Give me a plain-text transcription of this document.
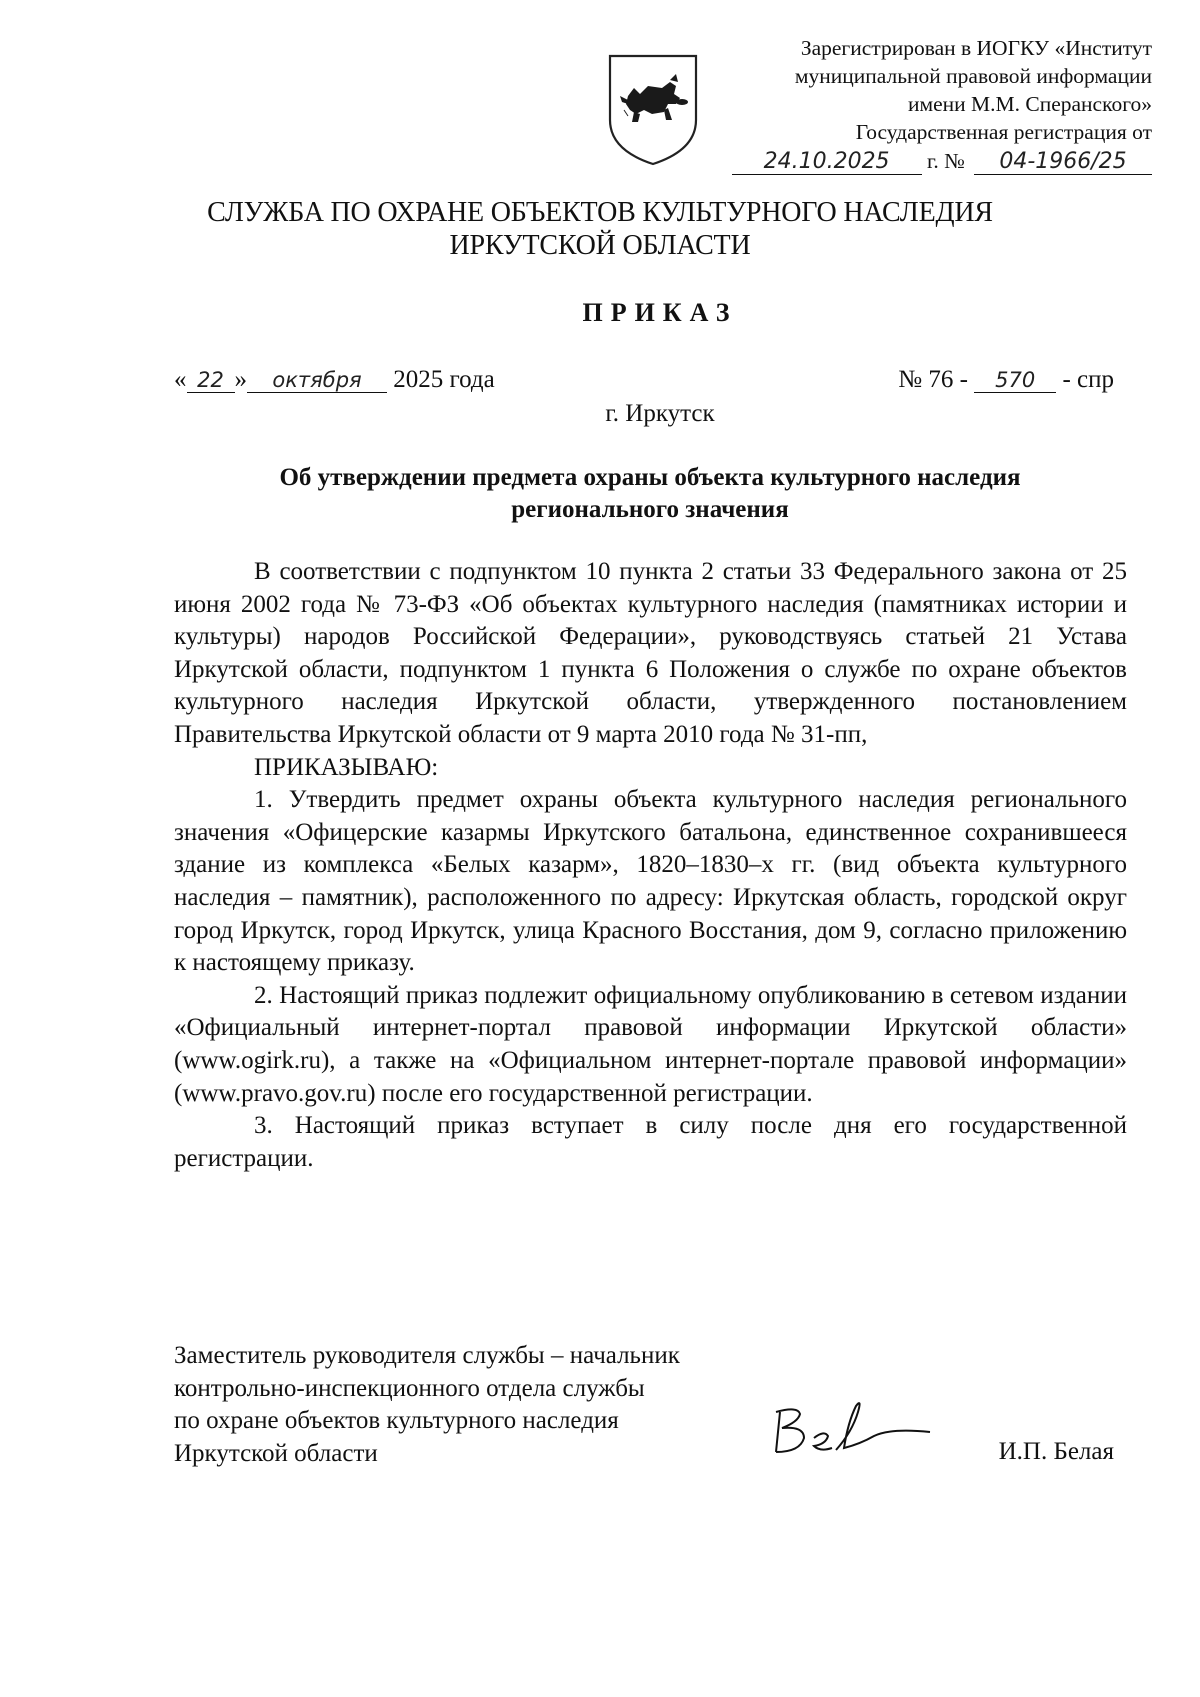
Зарегистрирован в ИОГКУ «Институт
муниципальной правовой информации
имени М.М. Сперанского»
Государственная регистрация от
24.10.2025 г. № 04-1966/25
СЛУЖБА ПО ОХРАНЕ ОБЪЕКТОВ КУЛЬТУРНОГО НАСЛЕДИЯ
ИРКУТСКОЙ ОБЛАСТИ
ПРИКАЗ
« 22 » октября 2025 года	№ 76 - 570 - спр
г. Иркутск
Об утверждении предмета охраны объекта культурного наследия
регионального значения

В соответствии с подпунктом 10 пункта 2 статьи 33 Федерального закона от 25 июня 2002 года № 73-ФЗ «Об объектах культурного наследия (памятниках истории и культуры) народов Российской Федерации», руководствуясь статьей 21 Устава Иркутской области, подпунктом 1 пункта 6 Положения о службе по охране объектов культурного наследия Иркутской области, утвержденного постановлением Правительства Иркутской области от 9 марта 2010 года № 31-пп,

ПРИКАЗЫВАЮ:

1. Утвердить предмет охраны объекта культурного наследия регионального значения «Офицерские казармы Иркутского батальона, единственное сохранившееся здание из комплекса «Белых казарм», 1820–1830–х гг. (вид объекта культурного наследия – памятник), расположенного по адресу: Иркутская область, городской округ город Иркутск, город Иркутск, улица Красного Восстания, дом 9, согласно приложению к настоящему приказу.

2. Настоящий приказ подлежит официальному опубликованию в сетевом издании «Официальный интернет-портал правовой информации Иркутской области» (www.ogirk.ru), а также на «Официальном интернет-портале правовой информации» (www.pravo.gov.ru) после его государственной регистрации.

3. Настоящий приказ вступает в силу после дня его государственной регистрации.

Заместитель руководителя службы – начальник
контрольно-инспекционного отдела службы
по охране объектов культурного наследия
Иркутской области	И.П. Белая
